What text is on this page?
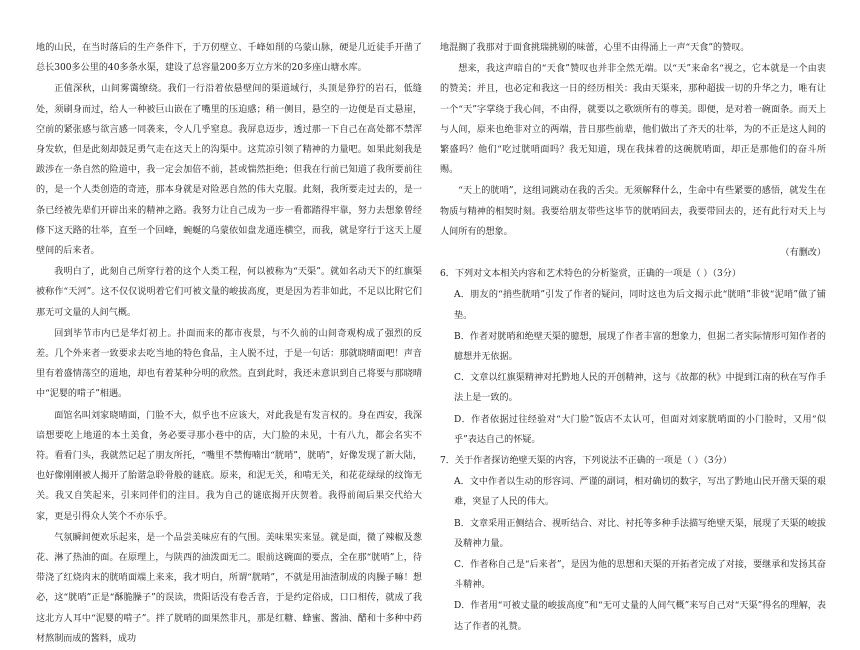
地的山民，在当时落后的生产条件下，于万仞壁立、千峰如削的乌蒙山脉，硬是几近徒手开凿了总长300多公里的40多条水渠，建设了总容量200多万立方米的20多座山塘水库。

正值深秋，山间雾霭缭绕。我们一行沿着依悬壁间的渠道域行，头顶是狰狞的岩石，低缝处，须刷身而过，给人一种被巨山嵌在了嘴里的压迫感；稍一侧目，悬空的一边便是百丈悬崖，空前的紧张感与欲言感一同袭来，令人几乎窒息。我屏息迈步，透过那一下自己在高处都不禁浑身发软，但是此刻却鼓足勇气走在这天上的沟渠中。这荒凉引领了精神的力量吧。如果此刻我是跋涉在一条自然的险道中，我一定会加倍不前，甚或惴然拒绝；但我在行前已知道了我所要前往的，是一个人类创造的奇迹，那本身就是对险恶自然的伟大克服。此刻，我所要走过去的，是一条已经被先辈们开辟出来的精神之路。我努力让自己成为一步一看都踏得牢靠，努力去想象曾经修下这天路的壮举，直至一个回峰，蜿蜒的乌蒙依如盘龙通连横空，而我，就是穿行于这天上厦壁间的后来者。

我明白了，此刻自己所穿行着的这个人类工程，何以被称为“天渠”。就如名动天下的红旗渠被称作“天河”。这不仅仅说明着它们可被文量的峻拔高度，更是因为若非如此，不足以比附它们那无可文量的人间气概。

回到毕节市内已是华灯初上。扑面而来的都市夜景，与不久前的山间奇观构成了强烈的反差。几个外来者一致要求去吃当地的特色食品，主人脱不过，于是一句话：那就晓晴面吧！声音里有着盛情荡空的道地，却也有着某种分明的欣然。直到此时，我还未意识到自己将要与那晓晴中“泥婴的啃子”相遇。

面馆名叫刘家晓晴面，门脸不大，似乎也不应该大，对此我是有发言权的。身在西安，我深谙想要吃上地道的本土美食，务必要寻那小巷中的店，大门脸的未见，十有八九，都会名实不符。看看门头，我就然记起了朋友所托，“嘴里不禁悔喃出“胱哨”，胱哨”，好像发现了新大陆，也好像刚刚被人揭开了胎谐急聆骨般的谜底。原来，和泥无关，和啃无关，和花花绿绿的纹饰无关。我又自笑起来，引来同伴们的注目。我为自己的谜底揭开庆贺着。我得前闹后果交代给大家，更是引得众人笑个不亦乐乎。

气氛瞬间便欢乐起来，是一个品尝美味应有的气围。美味果实来显。就是面，微了辣椒及葱花、淋了热油的面。在原理上，与陕西的油泼面无二。眼前这碗面的要点，全在那“胱哨”上，待带浇了红烧肉末的胱哨面端上来来，我才明白，所谓“胱哨”，不就是用油渣制成的肉臊子嘛！想必，这“胱哨”正是“酥脆臊子”的误读，贵阳话没有卷舌音，于是约定俗成，口口相传，就成了我这北方人耳中“泥婴的啃子”。拌了胱哨的面果然非凡，那是红糖、蜂蜜、酱油、醋和十多种中药材熬制而成的酱料，成功

地混搁了我那对于面食挑瑞挑剔的味蕾，心里不由得涌上一声“天食”的赞叹。

想来，我这声暗自的“天食”赞叹也并非全然无端。以“天”来命名“视之，它本就是一个由衷的赞美；并且，也必定和我这一日的经历相关：我由天渠来，那种超拔一切的升华之力，唯有让一个“天”字掌绕于我心间，不由得，就要以之歌颂所有的尊美。即便，是对着一碗面条。而天上与人间，原来也绝非对立的两端，昔日那些前辈，他们做出了齐天的壮举，为的不正是这人间的繁盛吗？他们“吃过胱哨面吗？我无知道，现在我抹着的这碗胱哨面，却正是那他们的奋斗所赐。

“天上的胱哨”，这组词跳动在我的舌尖。无须解释什么，生命中有些紧要的感悟，就发生在物质与精神的相契时刻。我要给朋友带些这毕节的胱哨回去，我要带回去的，还有此行对天上与人间所有的想象。

（有删改）

6．下列对文本相关内容和艺术特色的分析鉴赏，正确的一项是（ ）（3分）

A．朋友的“捎些胱哨”引发了作者的疑问，同时这也为后文揭示此“胱哨”非彼“泥哨”做了铺垫。

B．作者对胱哨和绝壁天渠的臆想，展现了作者丰富的想象力，但据二者实际情形可知作者的臆想并无依据。

C．文章以红旗渠精神对托黔地人民的开创精神，这与《故都的秋》中提到江南的秋在写作手法上是一致的。

D．作者依据过往经验对“大门脸”饭店不太认可，但面对刘家胱哨面的小门脸时，又用“似乎”表达自己的怀疑。

7．关于作者探访绝壁天渠的内容，下列说法不正确的一项是（ ）（3分）

A．文中作者以生动的形容词、严谨的副词，相对确切的数字，写出了黔地山民开凿天渠的艰难，突显了人民的伟大。

B．文章采用正侧结合、视听结合、对比、衬托等多种手法描写绝壁天渠，展现了天渠的峻拔及精神力量。

C．作者称自己是“后来者”，是因为他的思想和天渠的开拓者完成了对接，要继承和发扬其奋斗精神。

D．作者用“可被丈量的峻拔高度”和“无可丈量的人间气概”来写自己对“天渠”得名的理解，表达了作者的礼赞。
